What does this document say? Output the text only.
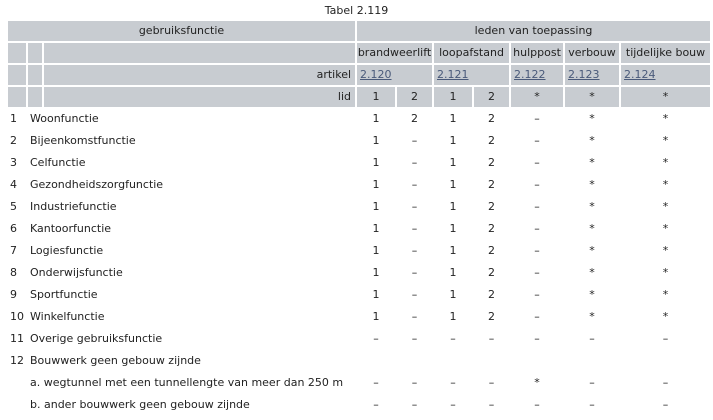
Tabel 2.119
gebruiksfunctie			leden van toepassing						
			brandweerlift		loopafstand		hulppost	verbouw	tijdelijke bouw
		artikel	2.120		2.121		2.122	2.123	2.124
		lid	1	2	1	2	*	*	*
1	Woonfunctie		1	2	1	2	–	*	*
2	Bijeenkomstfunctie		1	–	1	2	–	*	*
3	Celfunctie		1	–	1	2	–	*	*
4	Gezondheidszorgfunctie		1	–	1	2	–	*	*
5	Industriefunctie		1	–	1	2	–	*	*
6	Kantoorfunctie		1	–	1	2	–	*	*
7	Logiesfunctie		1	–	1	2	–	*	*
8	Onderwijsfunctie		1	–	1	2	–	*	*
9	Sportfunctie		1	–	1	2	–	*	*
10	Winkelfunctie		1	–	1	2	–	*	*
11	Overige gebruiksfunctie		–	–	–	–	–	–	–
12	Bouwwerk geen gebouw zijnde								
a. wegtunnel met een tunnellengte van meer dan 250 m			–	–	–	–	*	–	–
b. ander bouwwerk geen gebouw zijnde			–	–	–	–	–	–	–
